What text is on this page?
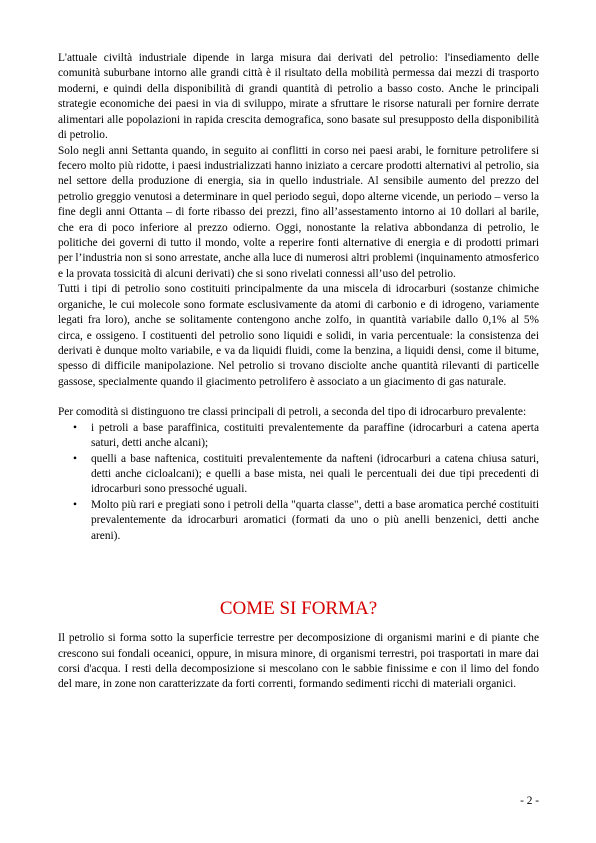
L'attuale civiltà industriale dipende in larga misura dai derivati del petrolio: l'insediamento delle comunità suburbane intorno alle grandi città è il risultato della mobilità permessa dai mezzi di trasporto moderni, e quindi della disponibilità di grandi quantità di petrolio a basso costo. Anche le principali strategie economiche dei paesi in via di sviluppo, mirate a sfruttare le risorse naturali per fornire derrate alimentari alle popolazioni in rapida crescita demografica, sono basate sul presupposto della disponibilità di petrolio.

Solo negli anni Settanta quando, in seguito ai conflitti in corso nei paesi arabi, le forniture petrolifere si fecero molto più ridotte, i paesi industrializzati hanno iniziato a cercare prodotti alternativi al petrolio, sia nel settore della produzione di energia, sia in quello industriale. Al sensibile aumento del prezzo del petrolio greggio venutosi a determinare in quel periodo seguì, dopo alterne vicende, un periodo – verso la fine degli anni Ottanta – di forte ribasso dei prezzi, fino all’assestamento intorno ai 10 dollari al barile, che era di poco inferiore al prezzo odierno. Oggi, nonostante la relativa abbondanza di petrolio, le politiche dei governi di tutto il mondo, volte a reperire fonti alternative di energia e di prodotti primari per l’industria non si sono arrestate, anche alla luce di numerosi altri problemi (inquinamento atmosferico e la provata tossicità di alcuni derivati) che si sono rivelati connessi all’uso del petrolio.

Tutti i tipi di petrolio sono costituiti principalmente da una miscela di idrocarburi (sostanze chimiche organiche, le cui molecole sono formate esclusivamente da atomi di carbonio e di idrogeno, variamente legati fra loro), anche se solitamente contengono anche zolfo, in quantità variabile dallo 0,1% al 5% circa, e ossigeno. I costituenti del petrolio sono liquidi e solidi, in varia percentuale: la consistenza dei derivati è dunque molto variabile, e va da liquidi fluidi, come la benzina, a liquidi densi, come il bitume, spesso di difficile manipolazione. Nel petrolio si trovano disciolte anche quantità rilevanti di particelle gassose, specialmente quando il giacimento petrolifero è associato a un giacimento di gas naturale.

Per comodità si distinguono tre classi principali di petroli, a seconda del tipo di idrocarburo prevalente:

• i petroli a base paraffinica, costituiti prevalentemente da paraffine (idrocarburi a catena aperta saturi, detti anche alcani);
• quelli a base naftenica, costituiti prevalentemente da nafteni (idrocarburi a catena chiusa saturi, detti anche cicloalcani); e quelli a base mista, nei quali le percentuali dei due tipi precedenti di idrocarburi sono pressoché uguali.
• Molto più rari e pregiati sono i petroli della "quarta classe", detti a base aromatica perché costituiti prevalentemente da idrocarburi aromatici (formati da uno o più anelli benzenici, detti anche areni).
COME SI FORMA?

Il petrolio si forma sotto la superficie terrestre per decomposizione di organismi marini e di piante che crescono sui fondali oceanici, oppure, in misura minore, di organismi terrestri, poi trasportati in mare dai corsi d'acqua. I resti della decomposizione si mescolano con le sabbie finissime e con il limo del fondo del mare, in zone non caratterizzate da forti correnti, formando sedimenti ricchi di materiali organici.

- 2 -
